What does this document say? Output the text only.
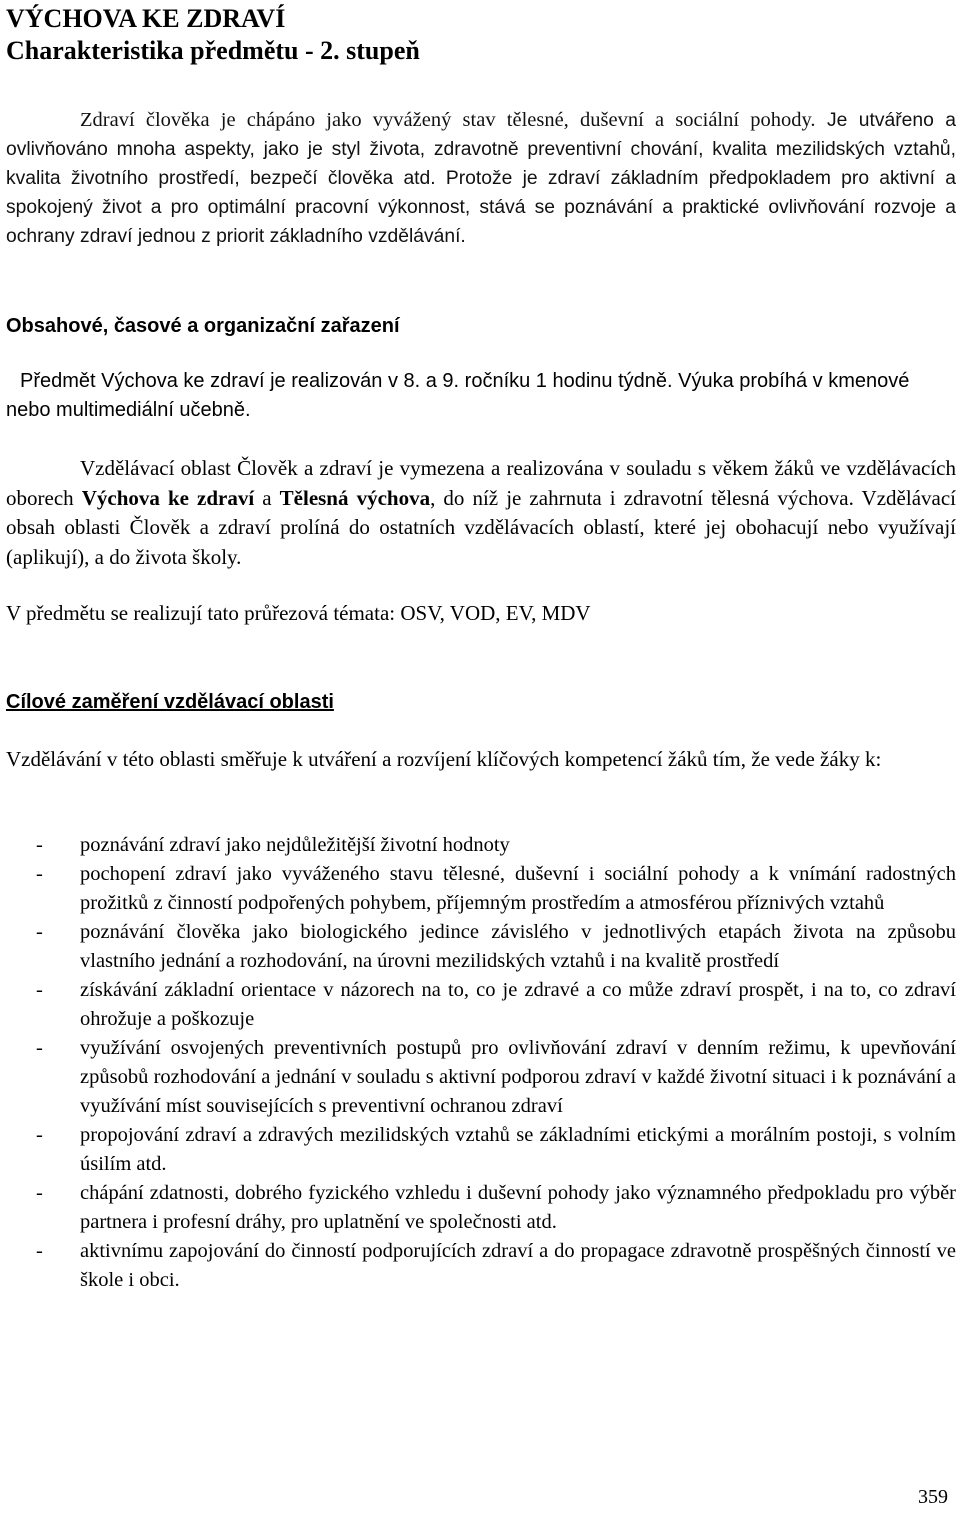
VÝCHOVA KE ZDRAVÍ
Charakteristika předmětu - 2. stupeň
Zdraví člověka je chápáno jako vyvážený stav tělesné, duševní a sociální pohody. Je utvářeno a ovlivňováno mnoha aspekty, jako je styl života, zdravotně preventivní chování, kvalita mezilidských vztahů, kvalita životního prostředí, bezpečí člověka atd. Protože je zdraví základním předpokladem pro aktivní a spokojený život a pro optimální pracovní výkonnost, stává se poznávání a praktické ovlivňování rozvoje a ochrany zdraví jednou z priorit základního vzdělávání.
Obsahové, časové a organizační zařazení
Předmět Výchova ke zdraví je realizován v 8. a 9. ročníku 1 hodinu týdně. Výuka probíhá v kmenové nebo multimediální učebně.
Vzdělávací oblast Člověk a zdraví je vymezena a realizována v souladu s věkem žáků ve vzdělávacích oborech Výchova ke zdraví a Tělesná výchova, do níž je zahrnuta i zdravotní tělesná výchova. Vzdělávací obsah oblasti Člověk a zdraví prolíná do ostatních vzdělávacích oblastí, které jej obohacují nebo využívají (aplikují), a do života školy.
V předmětu se realizují tato průřezová témata: OSV, VOD, EV, MDV
Cílové zaměření vzdělávací oblasti
Vzdělávání v této oblasti směřuje k utváření a rozvíjení klíčových kompetencí žáků tím, že vede žáky k:
- poznávání zdraví jako nejdůležitější životní hodnoty
- pochopení zdraví jako vyváženého stavu tělesné, duševní i sociální pohody a k vnímání radostných prožitků z činností podpořených pohybem, příjemným prostředím a atmosférou příznivých vztahů
- poznávání člověka jako biologického jedince závislého v jednotlivých etapách života na způsobu vlastního jednání a rozhodování, na úrovni mezilidských vztahů i na kvalitě prostředí
- získávání základní orientace v názorech na to, co je zdravé a co může zdraví prospět, i na to, co zdraví ohrožuje a poškozuje
- využívání osvojených preventivních postupů pro ovlivňování zdraví v denním režimu, k upevňování způsobů rozhodování a jednání v souladu s aktivní podporou zdraví v každé životní situaci i k poznávání a využívání míst souvisejících s preventivní ochranou zdraví
- propojování zdraví a zdravých mezilidských vztahů se základními etickými a morálním postoji, s volním úsilím atd.
- chápání zdatnosti, dobrého fyzického vzhledu i duševní pohody jako významného předpokladu pro výběr partnera i profesní dráhy, pro uplatnění ve společnosti atd.
- aktivnímu zapojování do činností podporujících zdraví a do propagace zdravotně prospěšných činností ve škole i obci.
359
